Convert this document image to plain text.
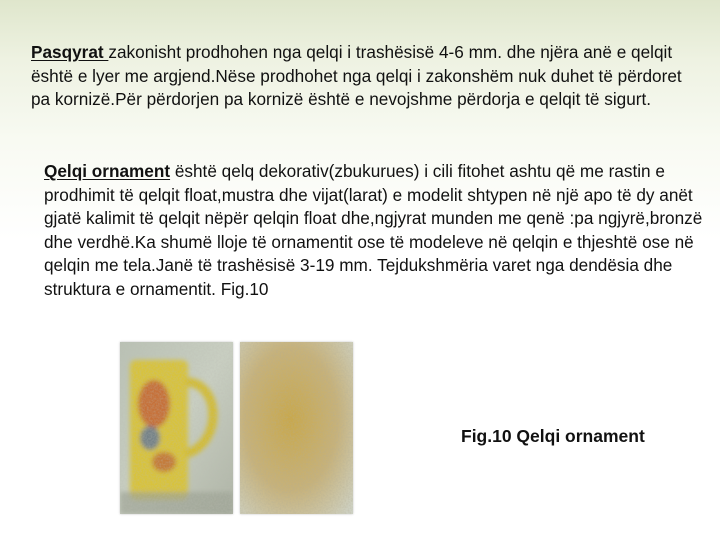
Pasqyrat zakonisht prodhohen nga qelqi i trashësisë 4-6 mm. dhe njëra anë e qelqit është e lyer me argjend.Nëse prodhohet nga qelqi i zakonshëm nuk duhet të përdoret pa kornizë.Për përdorjen pa kornizë është e nevojshme përdorja e qelqit të sigurt.
Qelqi ornament është qelq dekorativ(zbukurues) i cili fitohet ashtu që me rastin e prodhimit të qelqit float,mustra dhe vijat(larat) e modelit shtypen në një apo të dy anët gjatë kalimit të qelqit nëpër qelqin float dhe,ngjyrat munden me qenë :pa ngjyrë,bronzë dhe verdhë.Ka shumë lloje të ornamentit ose të modeleve në qelqin e thjeshtë ose në qelqin me tela.Janë të trashësisë 3-19 mm. Tejdukshmëria varet nga dendësia dhe struktura e ornamentit. Fig.10
Fig.10 Qelqi ornament
